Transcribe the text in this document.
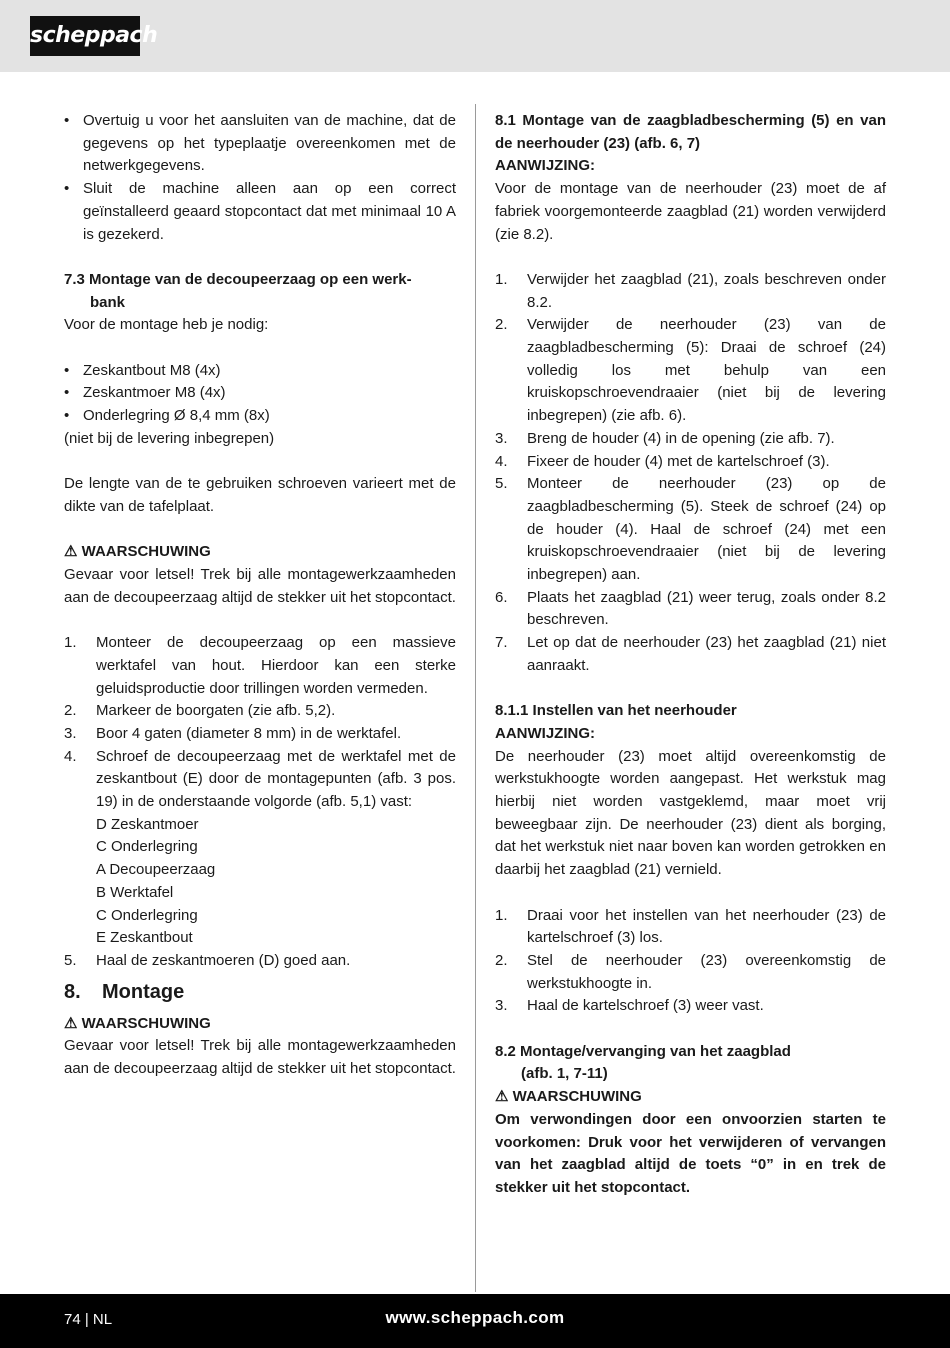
scheppach

• Overtuig u voor het aansluiten van de machine, dat de gegevens op het typeplaatje overeenkomen met de netwerkgegevens.

• Sluit de machine alleen aan op een correct geïnstalleerd geaard stopcontact dat met minimaal 10 A is gezekerd.

7.3 Montage van de decoupeerzaag op een werk-

bank

Voor de montage heb je nodig:

• Zeskantbout M8 (4x)

• Zeskantmoer M8 (4x)

• Onderlegring Ø 8,4 mm (8x)

(niet bij de levering inbegrepen)

De lengte van de te gebruiken schroeven varieert met de dikte van de tafelplaat.

⚠ WAARSCHUWING

Gevaar voor letsel! Trek bij alle montagewerkzaamheden aan de decoupeerzaag altijd de stekker uit het stopcontact.

1.	Monteer de decoupeerzaag op een massieve werktafel van hout. Hierdoor kan een sterke geluidsproductie door trillingen worden vermeden.
2.	Markeer de boorgaten (zie afb. 5,2).
3.	Boor 4 gaten (diameter 8 mm) in de werktafel.
4.	Schroef de decoupeerzaag met de werktafel met de zeskantbout (E) door de montagepunten (afb. 3 pos. 19) in de onderstaande volgorde (afb. 5,1) vast:

D Zeskantmoer

C Onderlegring

A Decoupeerzaag

B Werktafel

C Onderlegring

E Zeskantbout

5.	Haal de zeskantmoeren (D) goed aan.
8. Montage

⚠ WAARSCHUWING

Gevaar voor letsel! Trek bij alle montagewerkzaamheden aan de decoupeerzaag altijd de stekker uit het stopcontact.

8.1 Montage van de zaagbladbescherming (5) en van de neerhouder (23) (afb. 6, 7)

AANWIJZING:

Voor de montage van de neerhouder (23) moet de af fabriek voorgemonteerde zaagblad (21) worden verwijderd (zie 8.2).

1.	Verwijder het zaagblad (21), zoals beschreven onder 8.2.
2.	Verwijder de neerhouder (23) van de zaagbladbescherming (5): Draai de schroef (24) volledig los met behulp van een kruiskopschroevendraaier (niet bij de levering inbegrepen) (zie afb. 6).
3.	Breng de houder (4) in de opening (zie afb. 7).
4.	Fixeer de houder (4) met de kartelschroef (3).
5.	Monteer de neerhouder (23) op de zaagbladbescherming (5). Steek de schroef (24) op de houder (4). Haal de schroef (24) met een kruiskopschroevendraaier (niet bij de levering inbegrepen) aan.
6.	Plaats het zaagblad (21) weer terug, zoals onder 8.2 beschreven.
7.	Let op dat de neerhouder (23) het zaagblad (21) niet aanraakt.

8.1.1 Instellen van het neerhouder

AANWIJZING:

De neerhouder (23) moet altijd overeenkomstig de werkstukhoogte worden aangepast. Het werkstuk mag hierbij niet worden vastgeklemd, maar moet vrij beweegbaar zijn. De neerhouder (23) dient als borging, dat het werkstuk niet naar boven kan worden getrokken en daarbij het zaagblad (21) vernield.

1.	Draai voor het instellen van het neerhouder (23) de kartelschroef (3) los.
2.	Stel de neerhouder (23) overeenkomstig de werkstukhoogte in.
3.	Haal de kartelschroef (3) weer vast.

8.2 Montage/vervanging van het zaagblad

(afb. 1, 7-11)

⚠ WAARSCHUWING

Om verwondingen door een onvoorzien starten te voorkomen: Druk voor het verwijderen of vervangen van het zaagblad altijd de toets “0” in en trek de stekker uit het stopcontact.

74 | NL	www.scheppach.com
